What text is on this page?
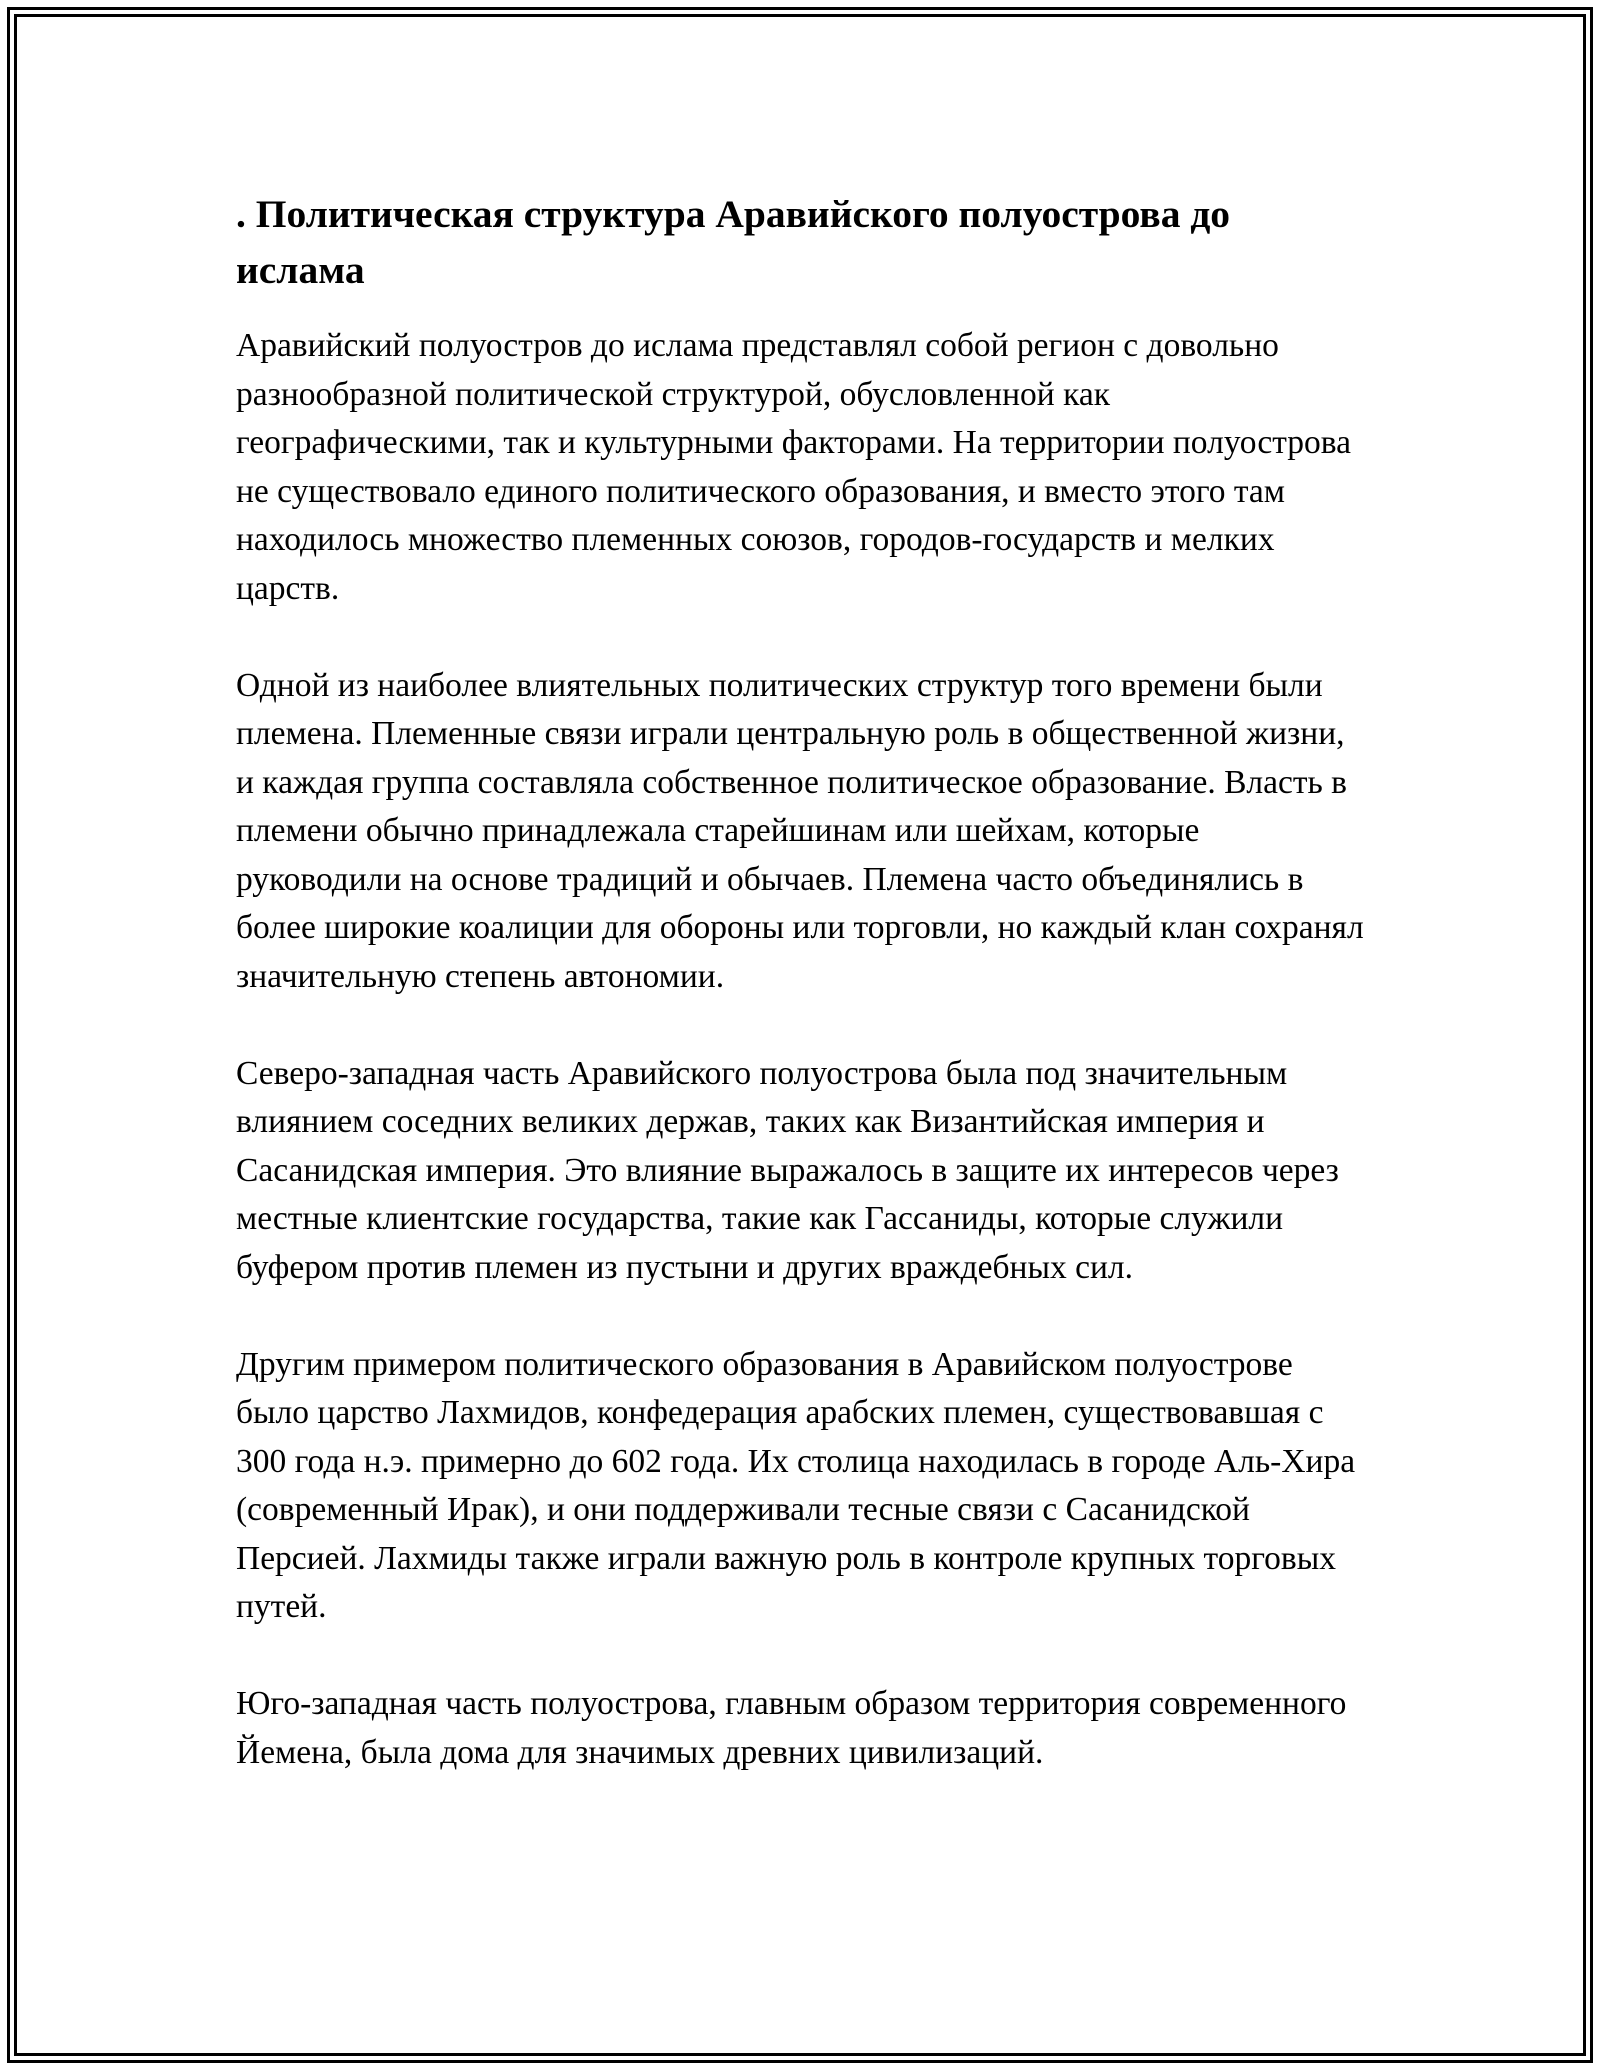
. Политическая структура Аравийского полуострова до ислама

Аравийский полуостров до ислама представлял собой регион с довольно разнообразной политической структурой, обусловленной как географическими, так и культурными факторами. На территории полуострова не существовало единого политического образования, и вместо этого там находилось множество племенных союзов, городов-государств и мелких царств.

Одной из наиболее влиятельных политических структур того времени были племена. Племенные связи играли центральную роль в общественной жизни, и каждая группа составляла собственное политическое образование. Власть в племени обычно принадлежала старейшинам или шейхам, которые руководили на основе традиций и обычаев. Племена часто объединялись в более широкие коалиции для обороны или торговли, но каждый клан сохранял значительную степень автономии.

Северо-западная часть Аравийского полуострова была под значительным влиянием соседних великих держав, таких как Византийская империя и Сасанидская империя. Это влияние выражалось в защите их интересов через местные клиентские государства, такие как Гассаниды, которые служили буфером против племен из пустыни и других враждебных сил.

Другим примером политического образования в Аравийском полуострове было царство Лахмидов, конфедерация арабских племен, существовавшая с 300 года н.э. примерно до 602 года. Их столица находилась в городе Аль-Хира (современный Ирак), и они поддерживали тесные связи с Сасанидской Персией. Лахмиды также играли важную роль в контроле крупных торговых путей.

Юго-западная часть полуострова, главным образом территория современного Йемена, была дома для значимых древних цивилизаций.
